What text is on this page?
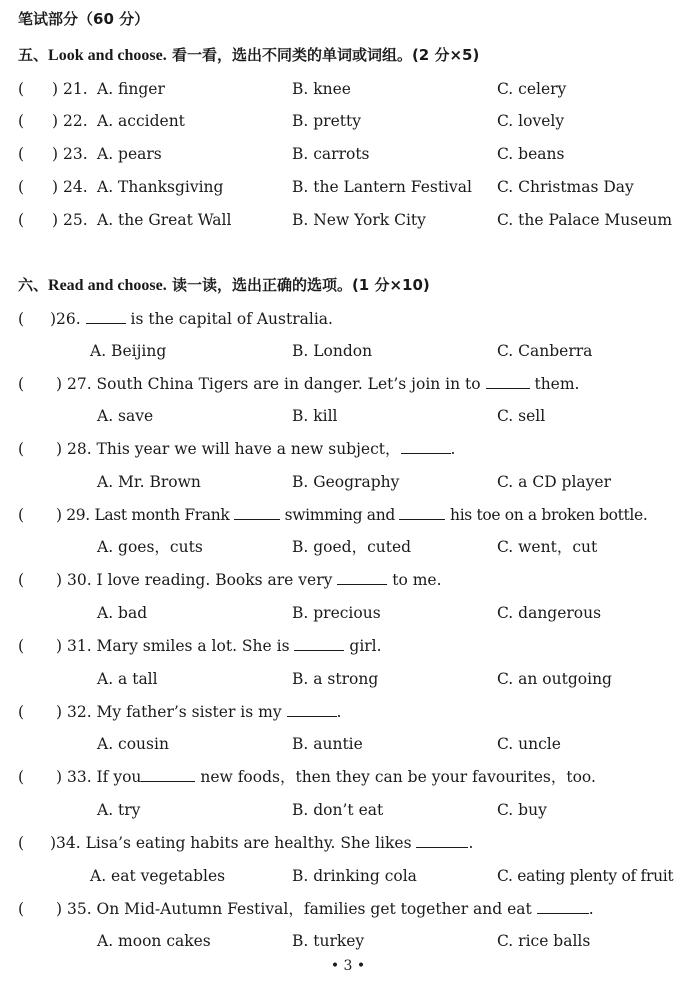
笔试部分（60 分）
五、Look and choose. 看一看，选出不同类的单词或词组。(2 分×5)
( ) 21. A. finger	B. knee	C. celery
( ) 22. A. accident	B. pretty	C. lovely
( ) 23. A. pears	B. carrots	C. beans
( ) 24. A. Thanksgiving	B. the Lantern Festival C. Christmas Day
( ) 25. A. the Great Wall	B. New York City	C. the Palace Museum
六、Read and choose. 读一读，选出正确的选项。(1 分×10)
( )26.	is the capital of Australia.
A. Beijing	B. London	C. Canberra
( ) 27. South China Tigers are in danger. Let’s join in to	them.
A. save	B. kill	C. sell
( ) 28. This year we will have a new subject，	.
A. Mr. Brown	B. Geography	C. a CD player
( ) 29. Last month Frank	swimming and	his toe on a broken bottle.
A. goes，cuts	B. goed，cuted	C. went，cut
( ) 30. I love reading. Books are very	to me.
A. bad	B. precious	C. dangerous
( ) 31. Mary smiles a lot. She is	girl.
A. a tall	B. a strong	C. an outgoing
( ) 32. My father’s sister is my	.
A. cousin	B. auntie	C. uncle
( ) 33. If you	new foods，then they can be your favourites，too.
A. try	B. don’t eat	C. buy
( )34. Lisa’s eating habits are healthy. She likes	.
A. eat vegetables	B. drinking cola	C. eating plenty of fruit
( ) 35. On Mid-Autumn Festival，families get together and eat	.
A. moon cakes	B. turkey	C. rice balls
• 3 •
